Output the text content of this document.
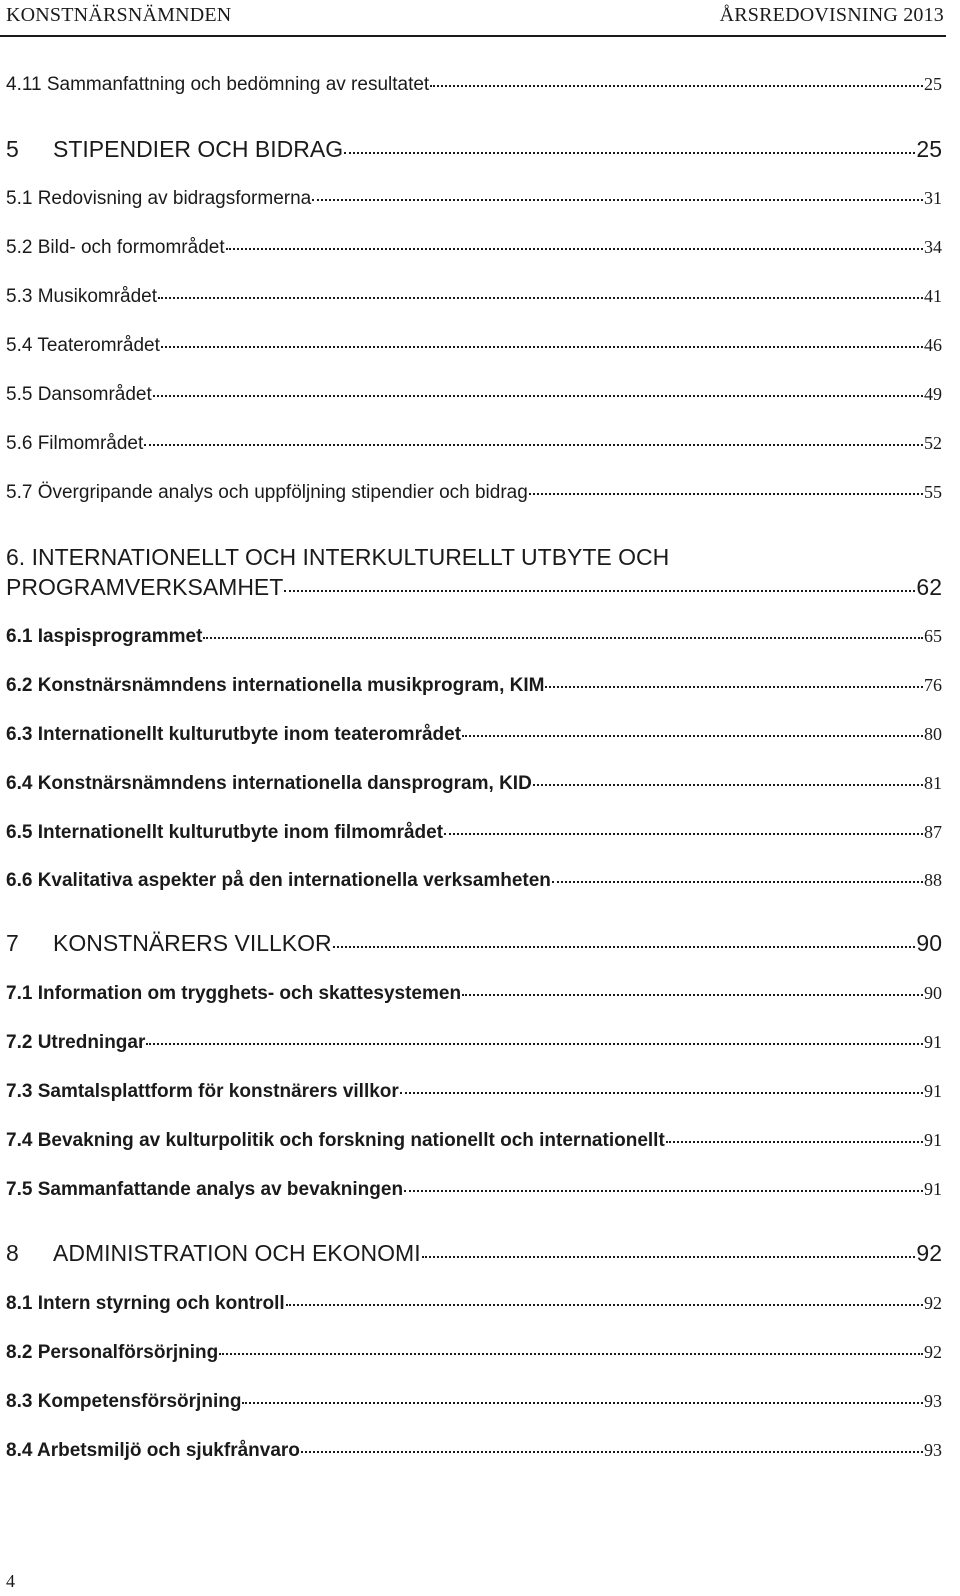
KONSTNÄRSNÄMNDEN	ÅRSREDOVISNING 2013
4.11 Sammanfattning och bedömning av resultatet	25
5 STIPENDIER OCH BIDRAG	25
5.1 Redovisning av bidragsformerna	31
5.2 Bild- och formområdet	34
5.3 Musikområdet	41
5.4 Teaterområdet	46
5.5 Dansområdet	49
5.6 Filmområdet	52
5.7 Övergripande analys och uppföljning stipendier och bidrag	55
6. INTERNATIONELLT OCH INTERKULTURELLT UTBYTE OCH
PROGRAMVERKSAMHET	62
6.1 Iaspisprogrammet	65
6.2 Konstnärsnämndens internationella musikprogram, KIM	76
6.3 Internationellt kulturutbyte inom teaterområdet	80
6.4 Konstnärsnämndens internationella dansprogram, KID	81
6.5 Internationellt kulturutbyte inom filmområdet	87
6.6 Kvalitativa aspekter på den internationella verksamheten	88
7 KONSTNÄRERS VILLKOR	90
7.1 Information om trygghets- och skattesystemen	90
7.2 Utredningar	91
7.3 Samtalsplattform för konstnärers villkor	91
7.4 Bevakning av kulturpolitik och forskning nationellt och internationellt	91
7.5 Sammanfattande analys av bevakningen	91
8 ADMINISTRATION OCH EKONOMI	92
8.1 Intern styrning och kontroll	92
8.2 Personalförsörjning	92
8.3 Kompetensförsörjning	93
8.4 Arbetsmiljö och sjukfrånvaro	93
4
